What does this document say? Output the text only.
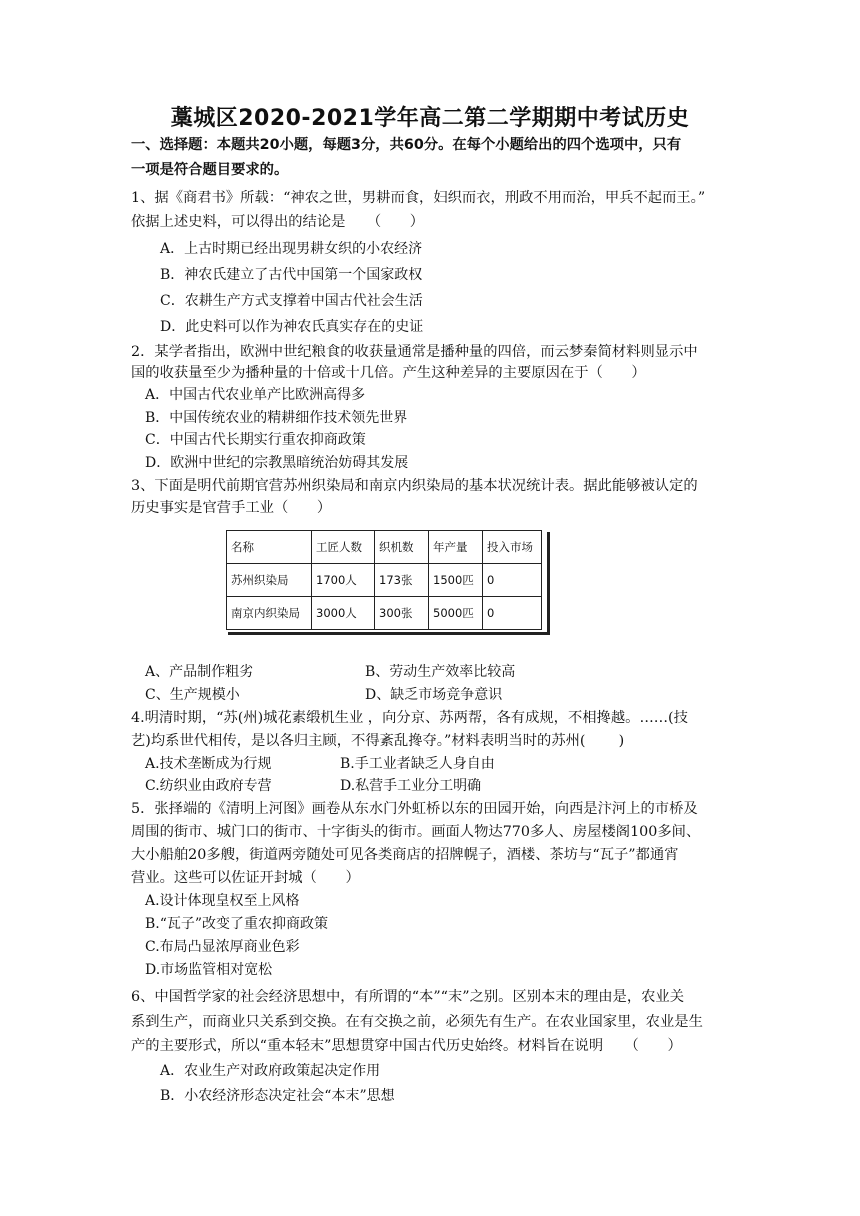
藁城区2020-2021学年高二第二学期期中考试历史
一、选择题：本题共20小题，每题3分，共60分。在每个小题给出的四个选项中，只有
一项是符合题目要求的。
1、据《商君书》所载：“神农之世，男耕而食，妇织而衣，刑政不用而治，甲兵不起而王。”
依据上述史料，可以得出的结论是　　（　　）
A．上古时期已经出现男耕女织的小农经济
B．神农氏建立了古代中国第一个国家政权
C．农耕生产方式支撑着中国古代社会生活
D．此史料可以作为神农氏真实存在的史证
2．某学者指出，欧洲中世纪粮食的收获量通常是播种量的四倍，而云梦秦简材料则显示中
国的收获量至少为播种量的十倍或十几倍。产生这种差异的主要原因在于（　　）
A．中国古代农业单产比欧洲高得多
B．中国传统农业的精耕细作技术领先世界
C．中国古代长期实行重农抑商政策
D．欧洲中世纪的宗教黑暗统治妨碍其发展
3、下面是明代前期官营苏州织染局和南京内织染局的基本状况统计表。据此能够被认定的
历史事实是官营手工业（　　）
名称	工匠人数	织机数	年产量	投入市场
苏州织染局	1700人	173张	1500匹	0
南京内织染局	3000人	300张	5000匹	0
A、产品制作粗劣	B、劳动生产效率比较高
C、生产规模小	D、缺乏市场竞争意识
4.明清时期，“苏(州)城花素缎机生业 ，向分京、苏两帮，各有成规，不相搀越。……(技
艺)均系世代相传，是以各归主顾，不得紊乱搀夺。”材料表明当时的苏州(　　 )
A.技术垄断成为行规	B.手工业者缺乏人身自由
C.纺织业由政府专营	D.私营手工业分工明确
5．张择端的《清明上河图》画卷从东水门外虹桥以东的田园开始，向西是汴河上的市桥及
周围的街市、城门口的街市、十字街头的街市。画面人物达770多人、房屋楼阁100多间、
大小船舶20多艘，街道两旁随处可见各类商店的招牌幌子，酒楼、茶坊与“瓦子”都通宵
营业。这些可以佐证开封城（　　）
A.设计体现皇权至上风格
B.“瓦子”改变了重农抑商政策
C.布局凸显浓厚商业色彩
D.市场监管相对宽松
6、中国哲学家的社会经济思想中，有所谓的“本”“末”之别。区别本末的理由是，农业关
系到生产，而商业只关系到交换。在有交换之前，必须先有生产。在农业国家里，农业是生
产的主要形式，所以“重本轻末”思想贯穿中国古代历史始终。材料旨在说明　　（　　）
A．农业生产对政府政策起决定作用
B．小农经济形态决定社会“本末”思想
